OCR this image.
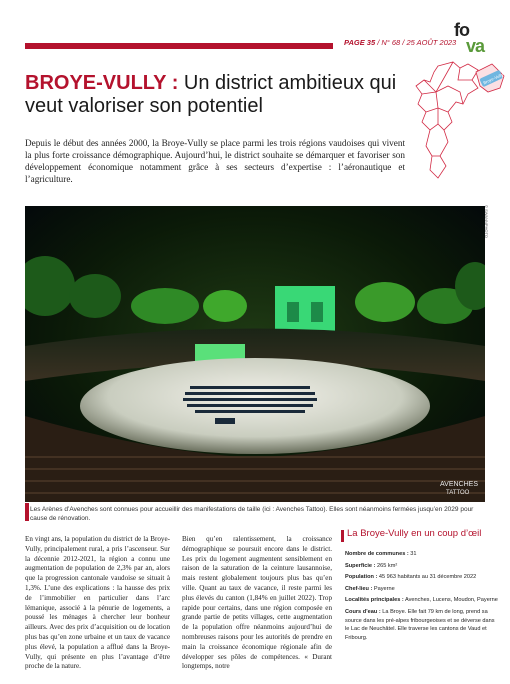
PAGE 35 / N° 68 / 25 AOÛT 2023
fo
va
Broye-Vully
BROYE-VULLY : Un district ambitieux qui veut valoriser son potentiel

Depuis le début des années 2000, la Broye-Vully se place parmi les trois régions vaudoises qui vivent la plus forte croissance démographique. Aujourd’hui, le district souhaite se démarquer et favoriser son développement économique notamment grâce à ses secteurs d’expertise : l’aéronautique et l’agriculture.

AVENCHES
TATTOO
© SWANNPHOTO

Les Arènes d’Avenches sont connues pour accueillir des manifestations de taille (ici : Avenches Tattoo). Elles sont néanmoins fermées jusqu’en 2029 pour cause de rénovation.

En vingt ans, la population du district de la Broye-Vully, principalement rural, a pris l’ascenseur. Sur la décennie 2012-2021, la région a connu une augmentation de population de 2,3% par an, alors que la progression cantonale vaudoise se situait à 1,3%. L’une des explications : la hausse des prix de l’immobilier en particulier dans l’arc lémanique, associé à la pénurie de logements, a poussé les ménages à chercher leur bonheur ailleurs. Avec des prix d’acquisition ou de location plus bas qu’en zone urbaine et un taux de vacance plus élevé, la population a afflué dans la Broye-Vully, qui présente en plus l’avantage d’être proche de la nature.

Bien qu’en ralentissement, la croissance démographique se poursuit encore dans le district. Les prix du logement augmentent sensiblement en raison de la saturation de la ceinture lausannoise, mais restent globalement toujours plus bas qu’en ville. Quant au taux de vacance, il reste parmi les plus élevés du canton (1,84% en juillet 2022). Trop rapide pour certains, dans une région composée en grande partie de petits villages, cette augmentation de la population offre néanmoins aujourd’hui de nombreuses raisons pour les autorités de prendre en main la croissance économique régionale afin de développer ses pôles de compétences. « Durant longtemps, notre

La Broye-Vully en un coup d’œil
Nombre de communes : 31
Superficie : 265 km²
Population : 45 963 habitants au 31 décembre 2022
Chef-lieu : Payerne
Localités principales : Avenches, Lucens, Moudon, Payerne
Cours d’eau : La Broye. Elle fait 79 km de long, prend sa source dans les pré-alpes fribourgeoises et se déverse dans le Lac de Neuchâtel. Elle traverse les cantons de Vaud et Fribourg.
